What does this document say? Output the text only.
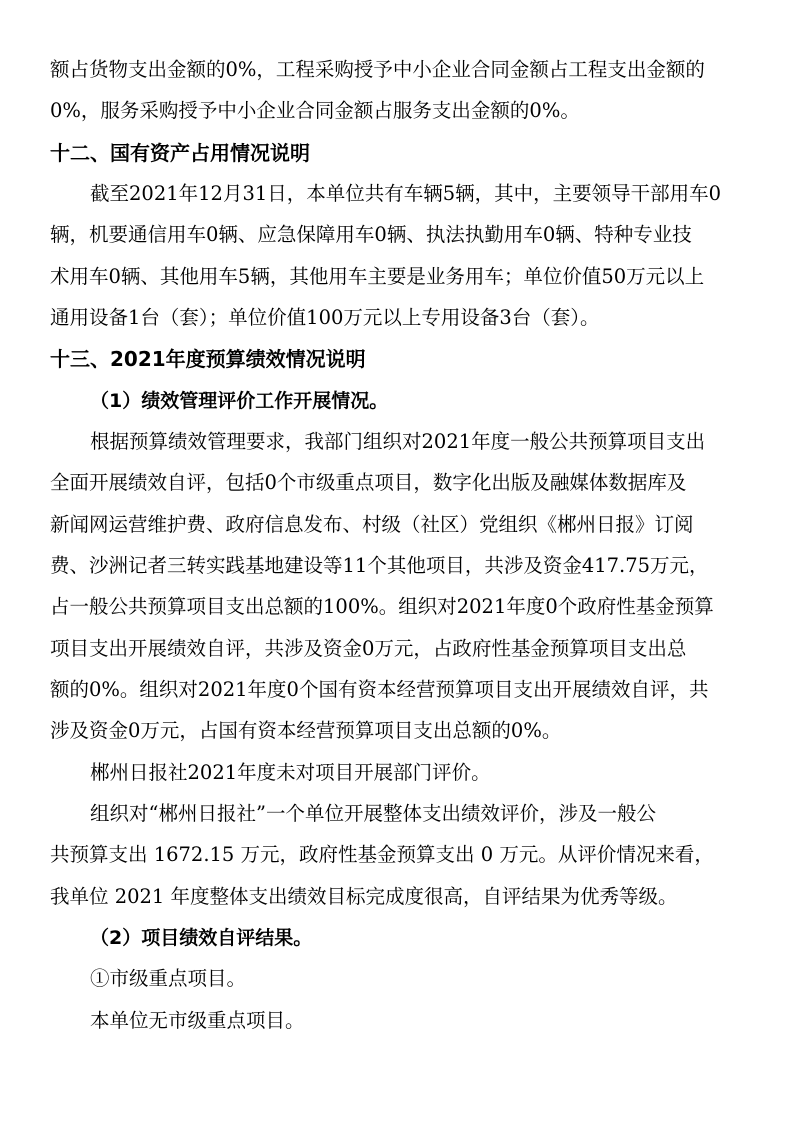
额占货物支出金额的0%，工程采购授予中小企业合同金额占工程支出金额的
0%，服务采购授予中小企业合同金额占服务支出金额的0%。
十二、国有资产占用情况说明
截至2021年12月31日，本单位共有车辆5辆，其中，主要领导干部用车0
辆，机要通信用车0辆、应急保障用车0辆、执法执勤用车0辆、特种专业技
术用车0辆、其他用车5辆，其他用车主要是业务用车；单位价值50万元以上
通用设备1台（套）；单位价值100万元以上专用设备3台（套）。
十三、2021年度预算绩效情况说明
（1）绩效管理评价工作开展情况。
根据预算绩效管理要求，我部门组织对2021年度一般公共预算项目支出
全面开展绩效自评，包括0个市级重点项目，数字化出版及融媒体数据库及
新闻网运营维护费、政府信息发布、村级（社区）党组织《郴州日报》订阅
费、沙洲记者三转实践基地建设等11个其他项目，共涉及资金417.75万元，
占一般公共预算项目支出总额的100%。组织对2021年度0个政府性基金预算
项目支出开展绩效自评，共涉及资金0万元，占政府性基金预算项目支出总
额的0%。组织对2021年度0个国有资本经营预算项目支出开展绩效自评，共
涉及资金0万元，占国有资本经营预算项目支出总额的0%。
郴州日报社2021年度未对项目开展部门评价。
组织对“郴州日报社”一个单位开展整体支出绩效评价，涉及一般公
共预算支出 1672.15 万元，政府性基金预算支出 0 万元。从评价情况来看，
我单位 2021 年度整体支出绩效目标完成度很高，自评结果为优秀等级。
（2）项目绩效自评结果。
①市级重点项目。
本单位无市级重点项目。
